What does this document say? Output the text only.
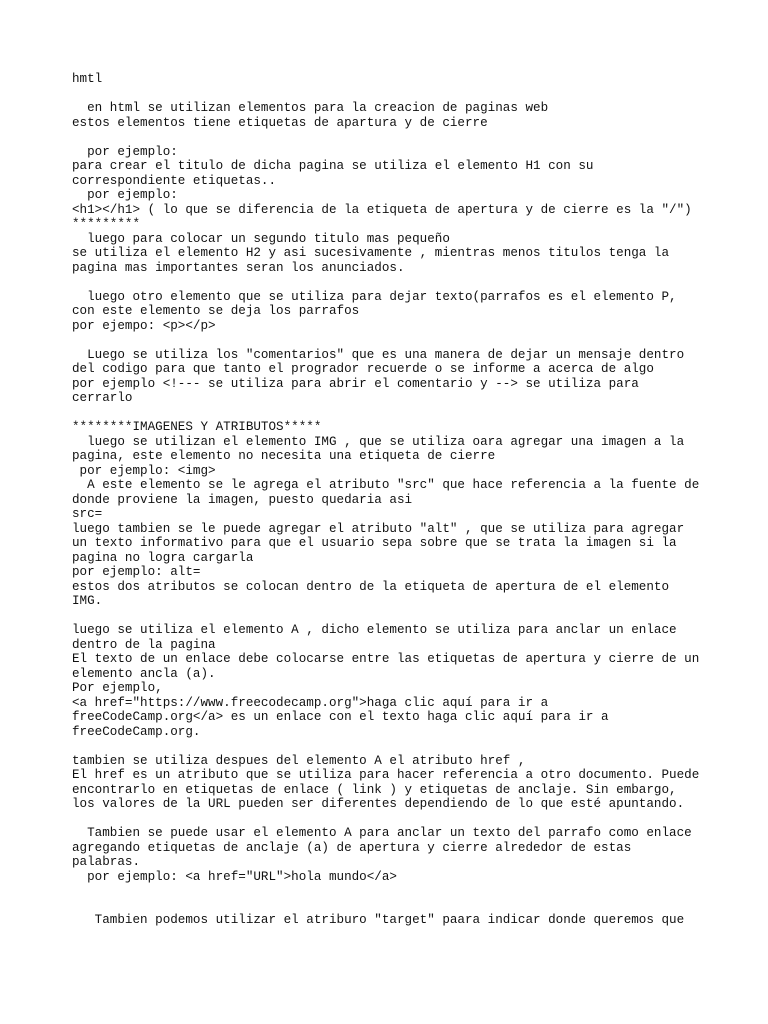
hmtl
en html se utilizan elementos para la creacion de paginas web
estos elementos tiene etiquetas de apartura y de cierre
por ejemplo:
para crear el titulo de dicha pagina se utiliza el elemento H1 con su
correspondiente etiquetas..
por ejemplo:
<h1></h1> ( lo que se diferencia de la etiqueta de apertura y de cierre es la "/")
*********
luego para colocar un segundo titulo mas pequeño
se utiliza el elemento H2 y asi sucesivamente , mientras menos titulos tenga la
pagina mas importantes seran los anunciados.
luego otro elemento que se utiliza para dejar texto(parrafos es el elemento P,
con este elemento se deja los parrafos
por ejempo: <p></p>
Luego se utiliza los "comentarios" que es una manera de dejar un mensaje dentro
del codigo para que tanto el progrador recuerde o se informe a acerca de algo
por ejemplo <!--- se utiliza para abrir el comentario y --> se utiliza para
cerrarlo
********IMAGENES Y ATRIBUTOS*****
luego se utilizan el elemento IMG , que se utiliza oara agregar una imagen a la
pagina, este elemento no necesita una etiqueta de cierre
por ejemplo: <img>
A este elemento se le agrega el atributo "src" que hace referencia a la fuente de
donde proviene la imagen, puesto quedaria asi
src=
luego tambien se le puede agregar el atributo "alt" , que se utiliza para agregar
un texto informativo para que el usuario sepa sobre que se trata la imagen si la
pagina no logra cargarla
por ejemplo: alt=
estos dos atributos se colocan dentro de la etiqueta de apertura de el elemento
IMG.
luego se utiliza el elemento A , dicho elemento se utiliza para anclar un enlace
dentro de la pagina
El texto de un enlace debe colocarse entre las etiquetas de apertura y cierre de un
elemento ancla (a).
Por ejemplo,
<a href="https://www.freecodecamp.org">haga clic aquí para ir a
freeCodeCamp.org</a> es un enlace con el texto haga clic aquí para ir a
freeCodeCamp.org.
tambien se utiliza despues del elemento A el atributo href ,
El href es un atributo que se utiliza para hacer referencia a otro documento. Puede
encontrarlo en etiquetas de enlace ( link ) y etiquetas de anclaje. Sin embargo,
los valores de la URL pueden ser diferentes dependiendo de lo que esté apuntando.
Tambien se puede usar el elemento A para anclar un texto del parrafo como enlace
agregando etiquetas de anclaje (a) de apertura y cierre alrededor de estas
palabras.
por ejemplo: <a href="URL">hola mundo</a>
Tambien podemos utilizar el atriburo "target" paara indicar donde queremos que
